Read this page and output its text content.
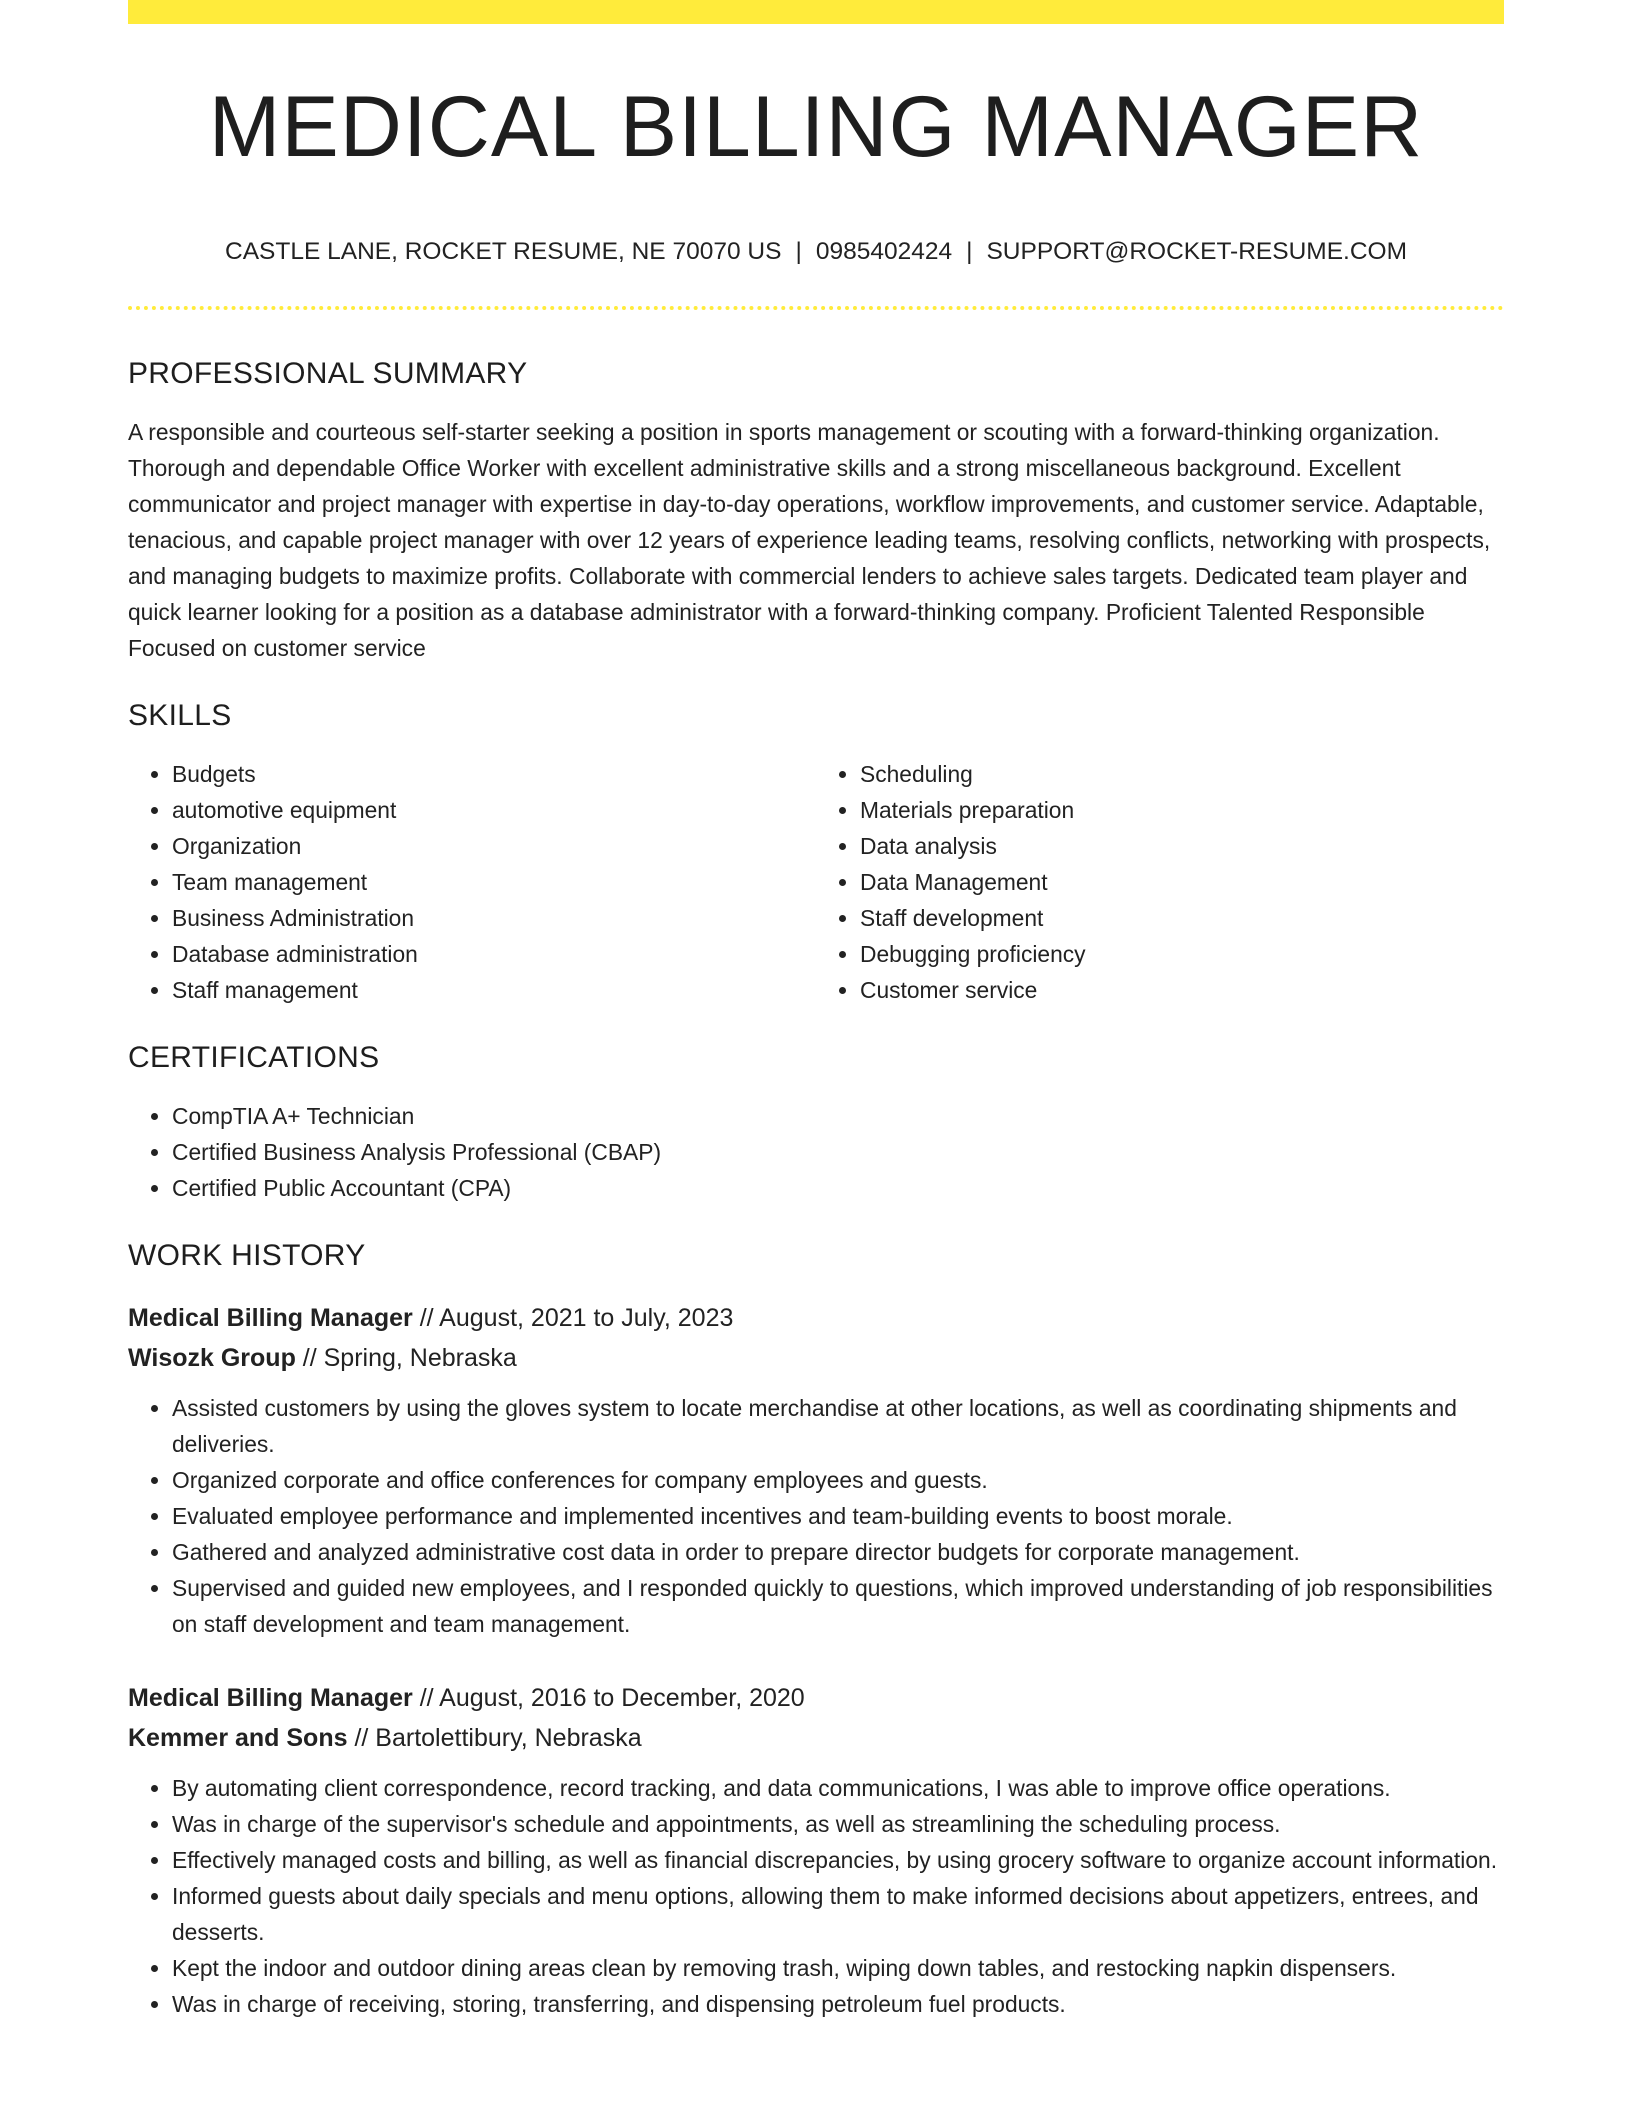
MEDICAL BILLING MANAGER
CASTLE LANE, ROCKET RESUME, NE 70070 US | 0985402424 | SUPPORT@ROCKET-RESUME.COM
PROFESSIONAL SUMMARY

A responsible and courteous self-starter seeking a position in sports management or scouting with a forward-thinking organization. Thorough and dependable Office Worker with excellent administrative skills and a strong miscellaneous background. Excellent communicator and project manager with expertise in day-to-day operations, workflow improvements, and customer service. Adaptable, tenacious, and capable project manager with over 12 years of experience leading teams, resolving conflicts, networking with prospects, and managing budgets to maximize profits. Collaborate with commercial lenders to achieve sales targets. Dedicated team player and quick learner looking for a position as a database administrator with a forward-thinking company. Proficient Talented Responsible Focused on customer service

SKILLS
• Budgets
• automotive equipment
• Organization
• Team management
• Business Administration
• Database administration
• Staff management
• Scheduling
• Materials preparation
• Data analysis
• Data Management
• Staff development
• Debugging proficiency
• Customer service
CERTIFICATIONS
• CompTIA A+ Technician
• Certified Business Analysis Professional (CBAP)
• Certified Public Accountant (CPA)
WORK HISTORY
Medical Billing Manager // August, 2021 to July, 2023
Wisozk Group // Spring, Nebraska
• Assisted customers by using the gloves system to locate merchandise at other locations, as well as coordinating shipments and deliveries.
• Organized corporate and office conferences for company employees and guests.
• Evaluated employee performance and implemented incentives and team-building events to boost morale.
• Gathered and analyzed administrative cost data in order to prepare director budgets for corporate management.
• Supervised and guided new employees, and I responded quickly to questions, which improved understanding of job responsibilities on staff development and team management.
Medical Billing Manager // August, 2016 to December, 2020
Kemmer and Sons // Bartolettibury, Nebraska
• By automating client correspondence, record tracking, and data communications, I was able to improve office operations.
• Was in charge of the supervisor's schedule and appointments, as well as streamlining the scheduling process.
• Effectively managed costs and billing, as well as financial discrepancies, by using grocery software to organize account information.
• Informed guests about daily specials and menu options, allowing them to make informed decisions about appetizers, entrees, and desserts.
• Kept the indoor and outdoor dining areas clean by removing trash, wiping down tables, and restocking napkin dispensers.
• Was in charge of receiving, storing, transferring, and dispensing petroleum fuel products.
